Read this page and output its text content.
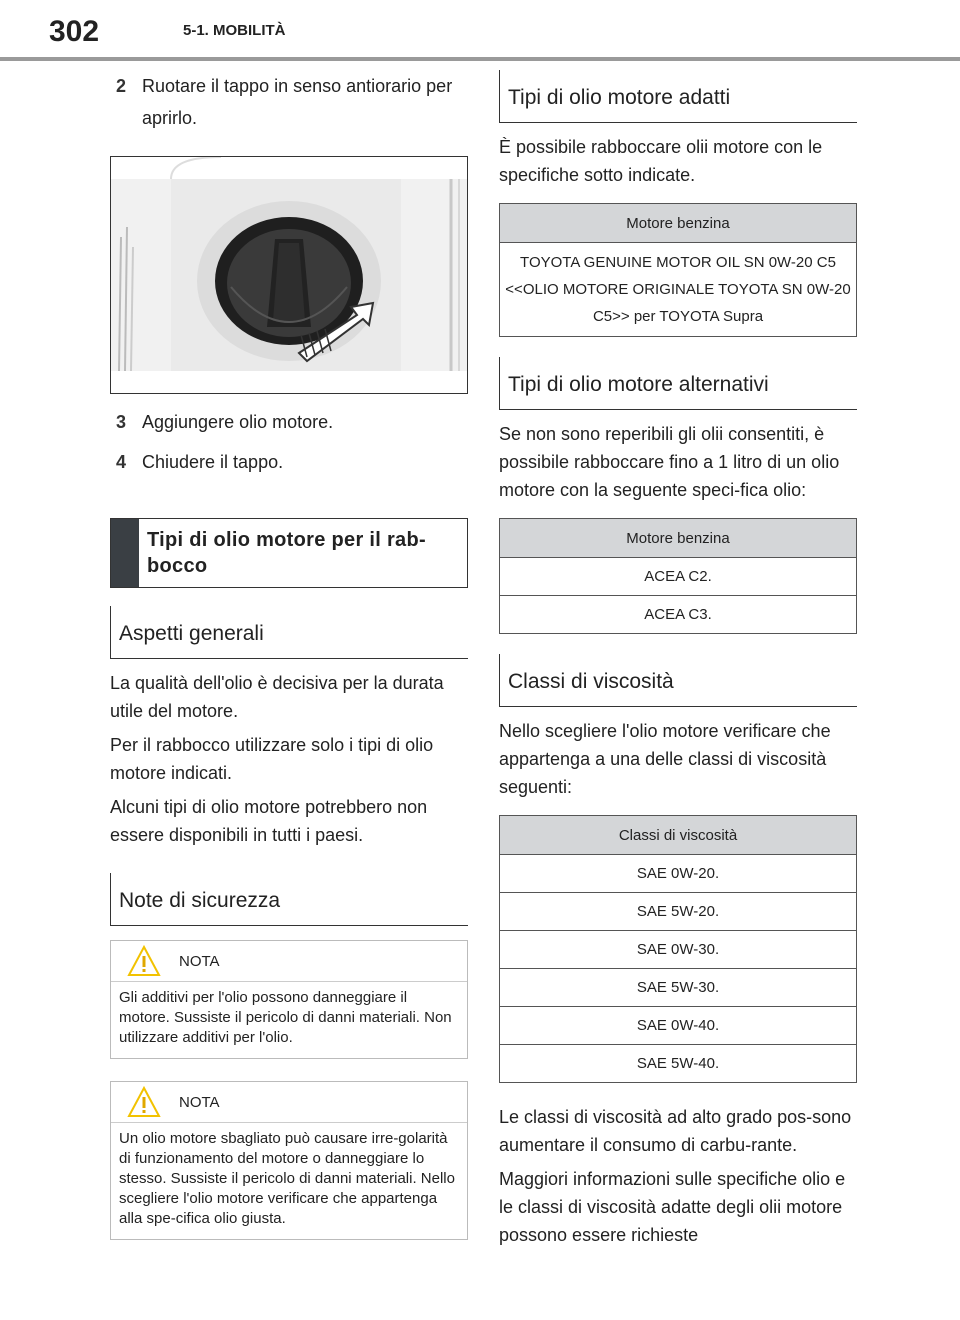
302	5-1. MOBILITÀ
2 Ruotare il tappo in senso antiorario per aprirlo.
3 Aggiungere olio motore.
4 Chiudere il tappo.
Tipi di olio motore per il rab-bocco
Aspetti generali

La qualità dell'olio è decisiva per la durata utile del motore.

Per il rabbocco utilizzare solo i tipi di olio motore indicati.

Alcuni tipi di olio motore potrebbero non essere disponibili in tutti i paesi.

Note di sicurezza
NOTA
Gli additivi per l'olio possono danneggiare il motore. Sussiste il pericolo di danni materiali. Non utilizzare additivi per l'olio.
NOTA
Un olio motore sbagliato può causare irre-golarità di funzionamento del motore o danneggiare lo stesso. Sussiste il pericolo di danni materiali. Nello scegliere l'olio motore verificare che appartenga alla spe-cifica olio giusta.
Tipi di olio motore adatti

È possibile rabboccare olii motore con le specifiche sotto indicate.

Motore benzina
TOYOTA GENUINE MOTOR OIL SN 0W-20 C5 <<OLIO MOTORE ORIGINALE TOYOTA SN 0W-20 C5>> per TOYOTA Supra
Tipi di olio motore alternativi

Se non sono reperibili gli olii consentiti, è possibile rabboccare fino a 1 litro di un olio motore con la seguente speci-fica olio:

Motore benzina
ACEA C2.
ACEA C3.
Classi di viscosità

Nello scegliere l'olio motore verificare che appartenga a una delle classi di viscosità seguenti:

Classi di viscosità
SAE 0W-20.
SAE 5W-20.
SAE 0W-30.
SAE 5W-30.
SAE 0W-40.
SAE 5W-40.

Le classi di viscosità ad alto grado pos-sono aumentare il consumo di carbu-rante.

Maggiori informazioni sulle specifiche olio e le classi di viscosità adatte degli olii motore possono essere richieste
